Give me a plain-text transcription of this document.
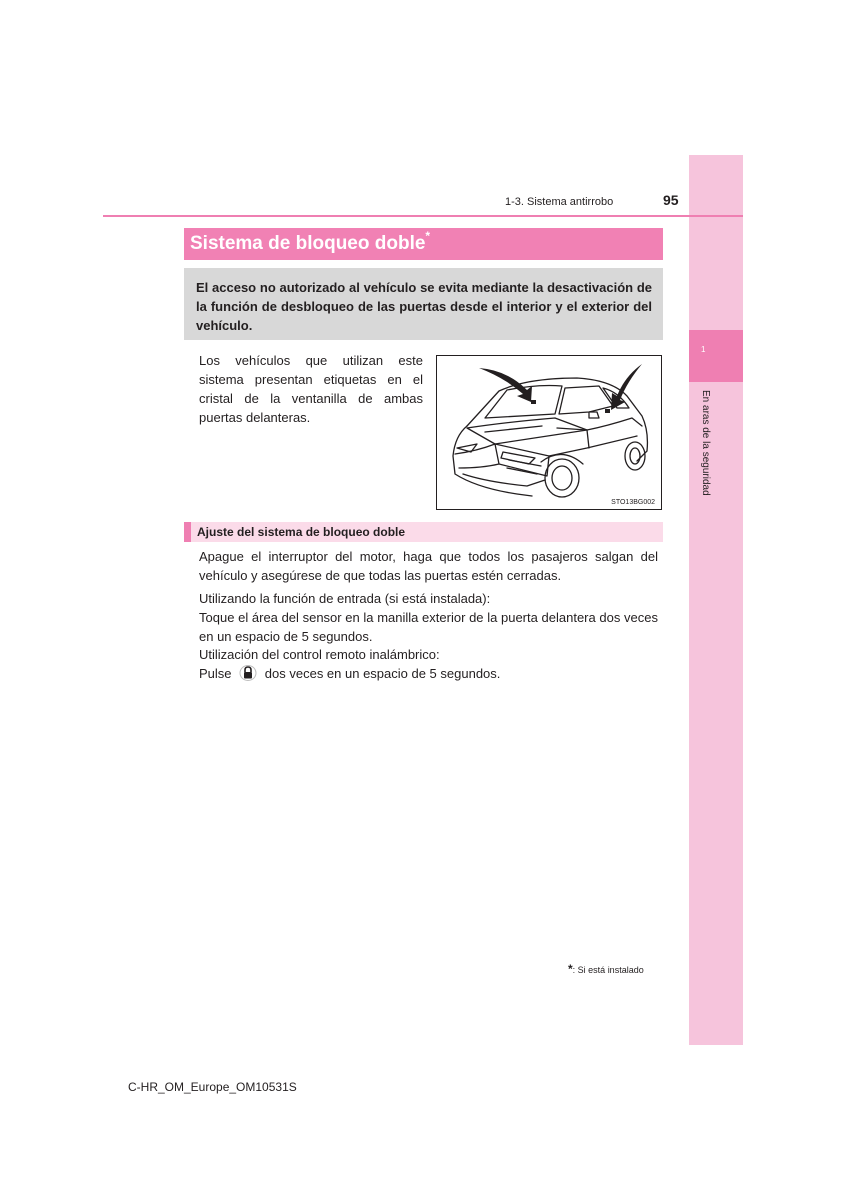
1
En aras de la seguridad
1-3. Sistema antirrobo	95
Sistema de bloqueo doble*
El acceso no autorizado al vehículo se evita mediante la desactivación de la función de desbloqueo de las puertas desde el interior y el exterior del vehículo.
Los vehículos que utilizan este sistema presentan etiquetas en el cristal de la ventanilla de ambas puertas delanteras.
STO13BG002
Ajuste del sistema de bloqueo doble
Apague el interruptor del motor, haga que todos los pasajeros salgan del vehículo y asegúrese de que todas las puertas estén cerradas.
Utilizando la función de entrada (si está instalada):
Toque el área del sensor en la manilla exterior de la puerta delantera dos veces en un espacio de 5 segundos.
Utilización del control remoto inalámbrico:
Pulse	dos veces en un espacio de 5 segundos.
*: Si está instalado
C-HR_OM_Europe_OM10531S
